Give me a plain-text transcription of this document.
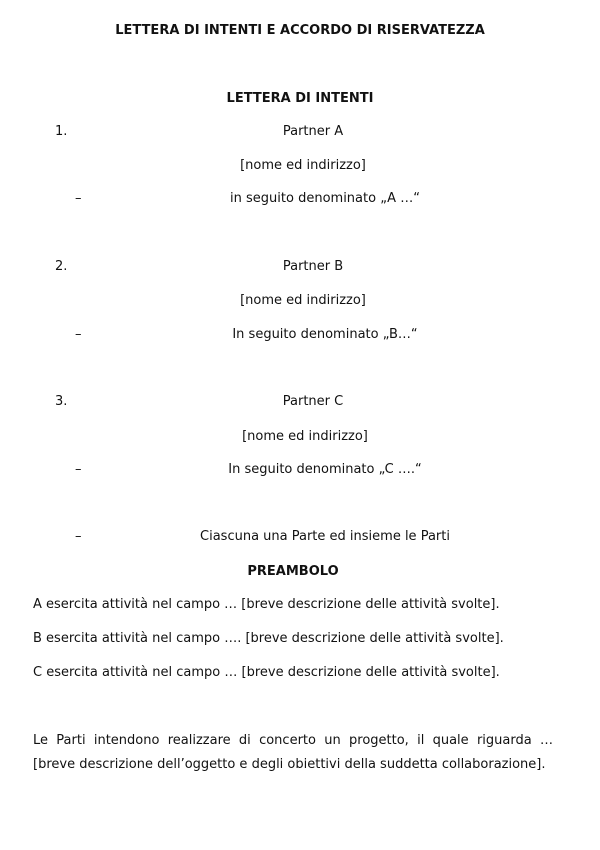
LETTERA DI INTENTI E ACCORDO DI RISERVATEZZA
LETTERA DI INTENTI
1.	Partner A
[nome ed indirizzo]
–	in seguito denominato „A …“
2.	Partner B
[nome ed indirizzo]
–	In seguito denominato „B…“
3.	Partner C
[nome ed indirizzo]
–	In seguito denominato „C ….“
–	Ciascuna una Parte ed insieme le Parti
PREAMBOLO
A esercita attività nel campo … [breve descrizione delle attività svolte].
B esercita attività nel campo …. [breve descrizione delle attività svolte].
C esercita attività nel campo … [breve descrizione delle attività svolte].
Le Parti intendono realizzare di concerto un progetto, il quale riguarda … [breve descrizione dell’oggetto e degli obiettivi della suddetta collaborazione].
